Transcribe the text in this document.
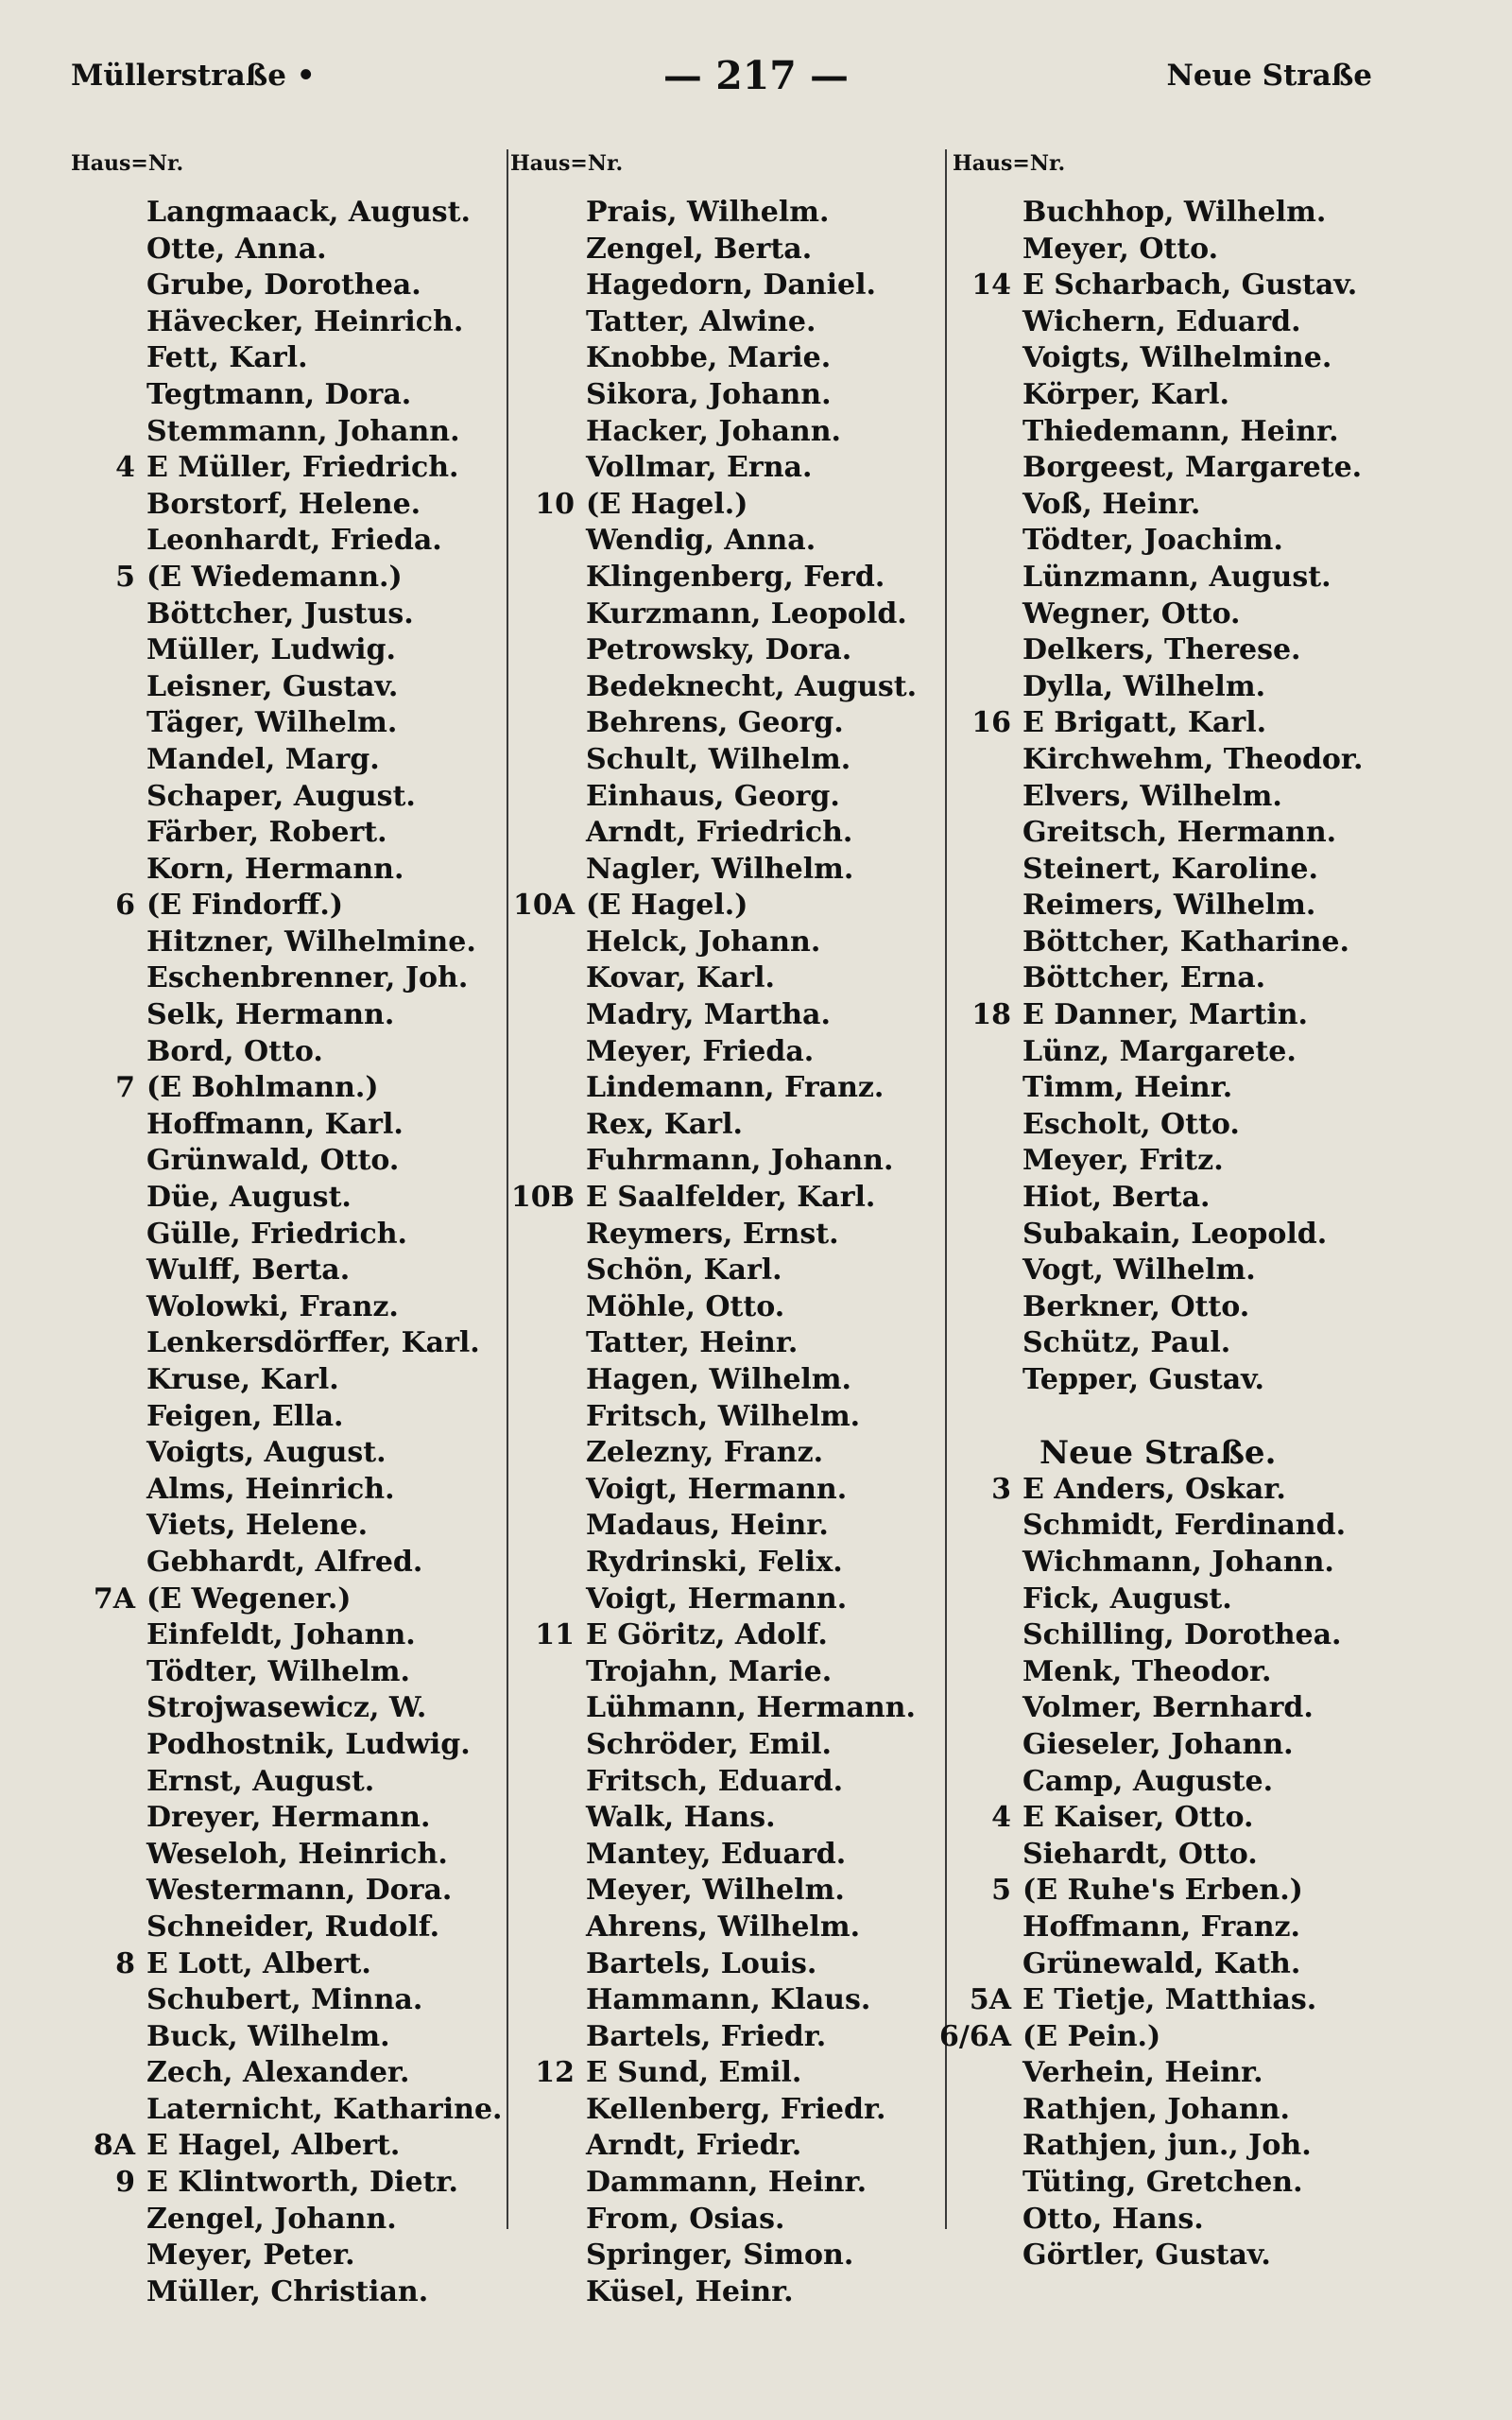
Müllerstraße •	— 217 —	Neue Straße
Haus=Nr.	Haus=Nr.	Haus=Nr.
Langmaack, August.
Otte, Anna.
Grube, Dorothea.
Hävecker, Heinrich.
Fett, Karl.
Tegtmann, Dora.
Stemmann, Johann.
4 E Müller, Friedrich.
Borstorf, Helene.
Leonhardt, Frieda.
5 (E Wiedemann.)
Böttcher, Justus.
Müller, Ludwig.
Leisner, Gustav.
Täger, Wilhelm.
Mandel, Marg.
Schaper, August.
Färber, Robert.
Korn, Hermann.
6 (E Findorff.)
Hitzner, Wilhelmine.
Eschenbrenner, Joh.
Selk, Hermann.
Bord, Otto.
7 (E Bohlmann.)
Hoffmann, Karl.
Grünwald, Otto.
Düe, August.
Gülle, Friedrich.
Wulff, Berta.
Wolowki, Franz.
Lenkersdörffer, Karl.
Kruse, Karl.
Feigen, Ella.
Voigts, August.
Alms, Heinrich.
Viets, Helene.
Gebhardt, Alfred.
7A (E Wegener.)
Einfeldt, Johann.
Tödter, Wilhelm.
Strojwasewicz, W.
Podhostnik, Ludwig.
Ernst, August.
Dreyer, Hermann.
Weseloh, Heinrich.
Westermann, Dora.
Schneider, Rudolf.
8 E Lott, Albert.
Schubert, Minna.
Buck, Wilhelm.
Zech, Alexander.
Laternicht, Katharine.
8A E Hagel, Albert.
9 E Klintworth, Dietr.
Zengel, Johann.
Meyer, Peter.
Müller, Christian.
Prais, Wilhelm.
Zengel, Berta.
Hagedorn, Daniel.
Tatter, Alwine.
Knobbe, Marie.
Sikora, Johann.
Hacker, Johann.
Vollmar, Erna.
10 (E Hagel.)
Wendig, Anna.
Klingenberg, Ferd.
Kurzmann, Leopold.
Petrowsky, Dora.
Bedeknecht, August.
Behrens, Georg.
Schult, Wilhelm.
Einhaus, Georg.
Arndt, Friedrich.
Nagler, Wilhelm.
10A (E Hagel.)
Helck, Johann.
Kovar, Karl.
Madry, Martha.
Meyer, Frieda.
Lindemann, Franz.
Rex, Karl.
Fuhrmann, Johann.
10B E Saalfelder, Karl.
Reymers, Ernst.
Schön, Karl.
Möhle, Otto.
Tatter, Heinr.
Hagen, Wilhelm.
Fritsch, Wilhelm.
Zelezny, Franz.
Voigt, Hermann.
Madaus, Heinr.
Rydrinski, Felix.
Voigt, Hermann.
11 E Göritz, Adolf.
Trojahn, Marie.
Lühmann, Hermann.
Schröder, Emil.
Fritsch, Eduard.
Walk, Hans.
Mantey, Eduard.
Meyer, Wilhelm.
Ahrens, Wilhelm.
Bartels, Louis.
Hammann, Klaus.
Bartels, Friedr.
12 E Sund, Emil.
Kellenberg, Friedr.
Arndt, Friedr.
Dammann, Heinr.
From, Osias.
Springer, Simon.
Küsel, Heinr.
Buchhop, Wilhelm.
Meyer, Otto.
14 E Scharbach, Gustav.
Wichern, Eduard.
Voigts, Wilhelmine.
Körper, Karl.
Thiedemann, Heinr.
Borgeest, Margarete.
Voß, Heinr.
Tödter, Joachim.
Lünzmann, August.
Wegner, Otto.
Delkers, Therese.
Dylla, Wilhelm.
16 E Brigatt, Karl.
Kirchwehm, Theodor.
Elvers, Wilhelm.
Greitsch, Hermann.
Steinert, Karoline.
Reimers, Wilhelm.
Böttcher, Katharine.
Böttcher, Erna.
18 E Danner, Martin.
Lünz, Margarete.
Timm, Heinr.
Escholt, Otto.
Meyer, Fritz.
Hiot, Berta.
Subakain, Leopold.
Vogt, Wilhelm.
Berkner, Otto.
Schütz, Paul.
Tepper, Gustav.
Neue Straße.
3 E Anders, Oskar.
Schmidt, Ferdinand.
Wichmann, Johann.
Fick, August.
Schilling, Dorothea.
Menk, Theodor.
Volmer, Bernhard.
Gieseler, Johann.
Camp, Auguste.
4 E Kaiser, Otto.
Siehardt, Otto.
5 (E Ruhe's Erben.)
Hoffmann, Franz.
Grünewald, Kath.
5A E Tietje, Matthias.
6/6A (E Pein.)
Verhein, Heinr.
Rathjen, Johann.
Rathjen, jun., Joh.
Tüting, Gretchen.
Otto, Hans.
Görtler, Gustav.
